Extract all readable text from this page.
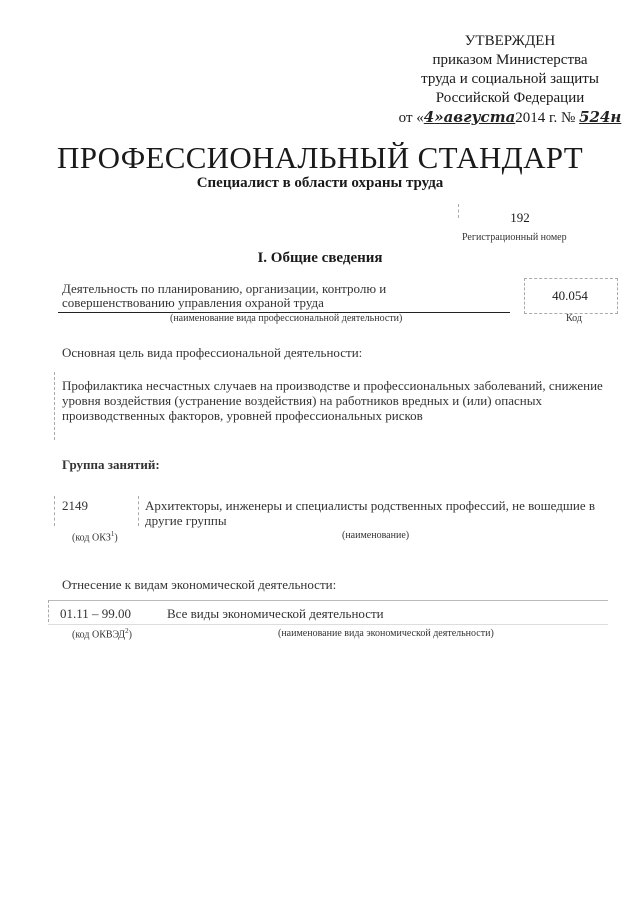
УТВЕРЖДЕН
приказом Министерства
труда и социальной защиты
Российской Федерации
от «4»августа2014 г. № 524н
ПРОФЕССИОНАЛЬНЫЙ СТАНДАРТ
Специалист в области охраны труда
192
Регистрационный номер
I. Общие сведения
Деятельность по планированию, организации, контролю и совершенствованию управления охраной труда
(наименование вида профессиональной деятельности)
40.054
Код
Основная цель вида профессиональной деятельности:
Профилактика несчастных случаев на производстве и профессиональных заболеваний, снижение уровня воздействия (устранение воздействия) на работников вредных и (или) опасных производственных факторов, уровней профессиональных рисков
Группа занятий:
2149	Архитекторы, инженеры и специалисты родственных профессий, не вошедшие в другие группы
(код ОКЗ$^1$)	(наименование)
Отнесение к видам экономической деятельности:
01.11 – 99.00	Все виды экономической деятельности
(код ОКВЭД$^2$)	(наименование вида экономической деятельности)
